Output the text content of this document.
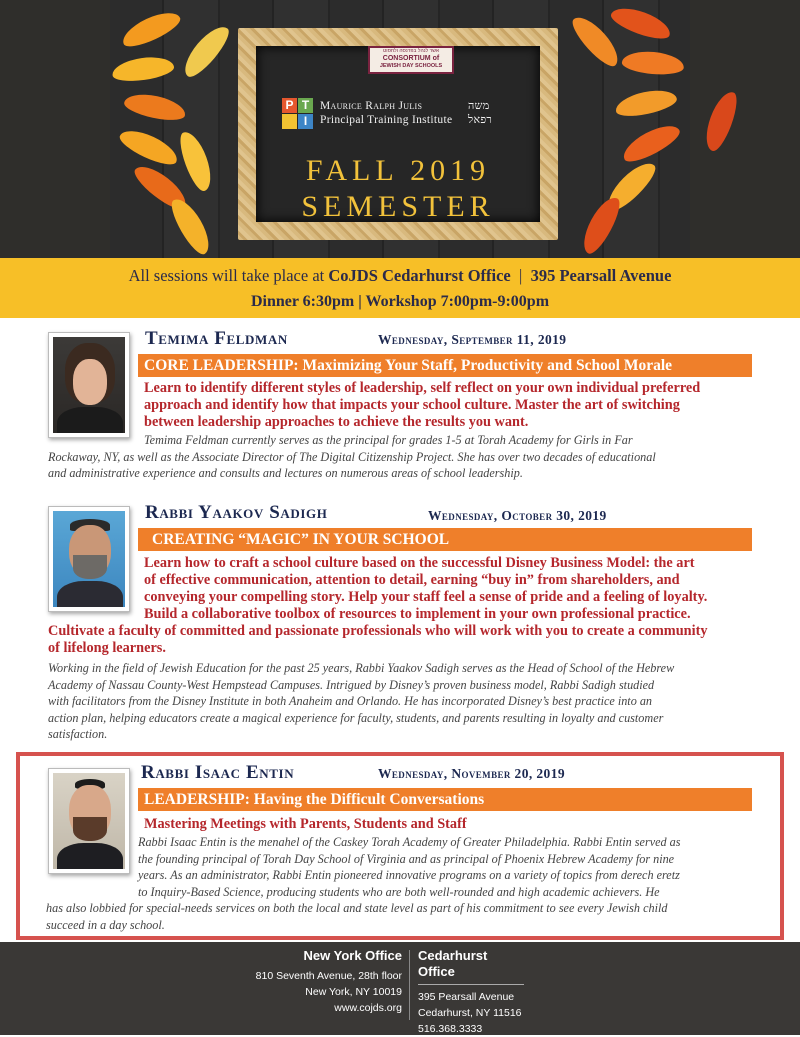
אשר לנהל בפרנסה ולחסוט
CONSORTIUM of
JEWISH DAY SCHOOLS
P T
I
Maurice Ralph Julis	משה רפאל
Principal Training Institute
FALL 2019
SEMESTER
All sessions will take place at CoJDS Cedarhurst Office  |  395 Pearsall Avenue
Dinner 6:30pm | Workshop 7:00pm-9:00pm
Temima Feldman	Wednesday, September 11, 2019
CORE LEADERSHIP: Maximizing Your Staff, Productivity and School Morale
Learn to identify different styles of leadership, self reflect on your own individual preferred
approach and identify how that impacts your school culture. Master the art of switching
between leadership approaches to achieve the results you want.
Temima Feldman currently serves as the principal for grades 1-5 at Torah Academy for Girls in Far
Rockaway, NY, as well as the Associate Director of The Digital Citizenship Project. She has over two decades of educational
and administrative experience and consults and lectures on numerous areas of school leadership.
Rabbi Yaakov Sadigh	Wednesday, October 30, 2019
CREATING “MAGIC” IN YOUR SCHOOL
Learn how to craft a school culture based on the successful Disney Business Model: the art
of effective communication, attention to detail, earning “buy in” from shareholders, and
conveying your compelling story. Help your staff feel a sense of pride and a feeling of loyalty.
Build a collaborative toolbox of resources to implement in your own professional practice.
Cultivate a faculty of committed and passionate professionals who will work with you to create a community
of lifelong learners.
Working in the field of Jewish Education for the past 25 years, Rabbi Yaakov Sadigh serves as the Head of School of the Hebrew
Academy of Nassau County-West Hempstead Campuses. Intrigued by Disney’s proven business model, Rabbi Sadigh studied
with facilitators from the Disney Institute in both Anaheim and Orlando. He has incorporated Disney’s best practice into an
action plan, helping educators create a magical experience for faculty, students, and parents resulting in loyalty and customer
satisfaction.
Rabbi Isaac Entin	Wednesday, November 20, 2019
LEADERSHIP: Having the Difficult Conversations
Mastering Meetings with Parents, Students and Staff
Rabbi Isaac Entin is the menahel of the Caskey Torah Academy of Greater Philadelphia. Rabbi Entin served as
the founding principal of Torah Day School of Virginia and as principal of Phoenix Hebrew Academy for nine
years. As an administrator, Rabbi Entin pioneered innovative programs on a variety of topics from derech eretz
to Inquiry-Based Science, producing students who are both well-rounded and high academic achievers. He
has also lobbied for special-needs services on both the local and state level as part of his commitment to see every Jewish child
succeed in a day school.
New York Office
810 Seventh Avenue, 28th floor
New York, NY 10019
www.cojds.org
Cedarhurst Office
395 Pearsall Avenue
Cedarhurst, NY 11516
516.368.3333
